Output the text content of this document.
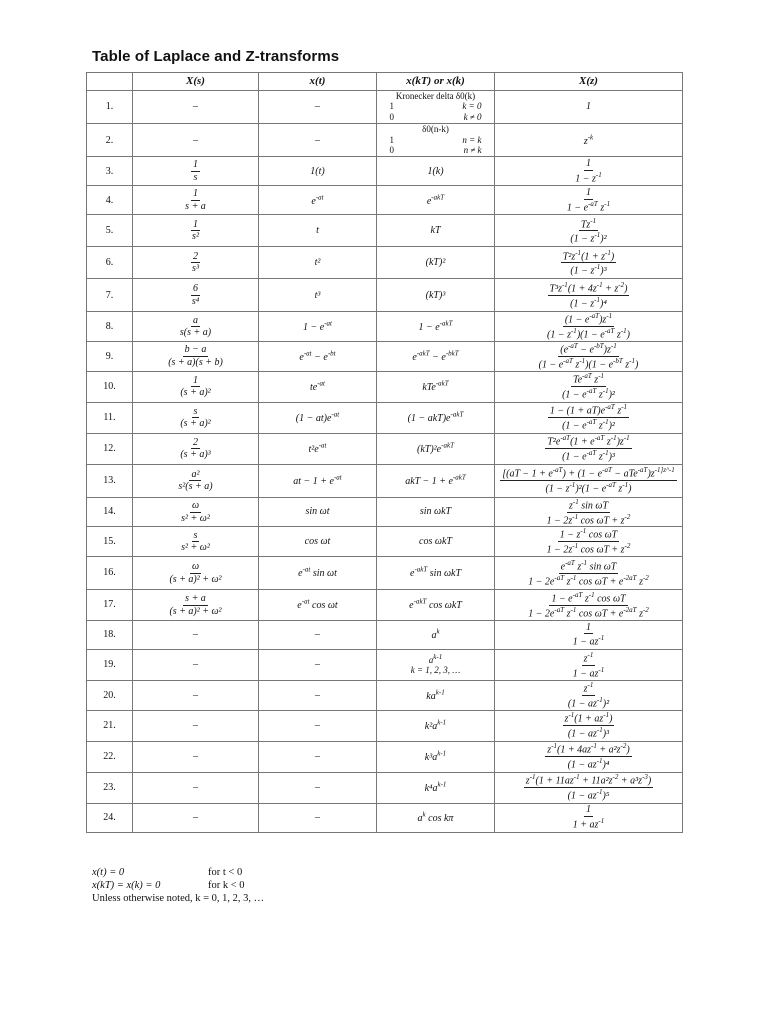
Table of Laplace and Z-transforms
	X(s)	x(t)	x(kT) or x(k)	X(z)
1.	–	–	Kronecker delta δ0(k)
1 k = 0
0 k ≠ 0	1
2.	–	–	δ0(n-k)
1 n = k
0 n ≠ k	$z^{-k}$
3.	$\frac{1}{s}$	1(t)	1(k)	$\frac{1}{1 - z^{-1}}$

4.	$\frac{1}{s + a}$	$e^{-at}$	$e^{-akT}$	$\frac{1}{1 - e^{-aT} z^{-1}}$

5.	$\frac{1}{\text{s²}}$	t	kT	$\frac{Tz^{-1}}{(1 - z^{-1})^2}$

6.	$\frac{2}{\text{s³}}$	t²	(kT)²	$\frac{T^2z^{-1}(1 + z^{-1})}{(1 - z^{-1})^3}$

7.	$\frac{6}{\text{s⁴}}$	t³	(kT)³	$\frac{T^3z^{-1}(1 + 4z^{-1} + z^{-2})}{(1 - z^{-1})^4}$

8.	$\frac{a}{s(s + a)}$	$1 - e^{-at}$	$1 - e^{-akT}$	$\frac{(1 - e^{-aT})z^{-1}}{(1 - z^{-1})(1 - e^{-aT} z^{-1})}$

9.	$\frac{b - a}{(s + a)(s + b)}$	$e^{-at} - e^{-bt}$	$e^{-akT} - e^{-bkT}$	$\frac{(e^{-aT} - e^{-bT})z^{-1}}{(1 - e^{-aT} z^{-1})(1 - e^{-bT} z^{-1})}$

10.	$\frac{1}{\text{(s + a)²}}$	$te^{-at}$	kTe$^{-akT}$	$\frac{Te^{-aT} z^{-1}}{(1 - e^{-aT} z^{-1})^2}$

11.	$\frac{s}{\text{(s + a)²}}$	$(1 - at)e^{-at}$	$(1 - akT)e^{-akT}$	$\frac{1 - (1 + aT)e^{-aT} z^{-1}}{(1 - e^{-aT} z^{-1})^2}$

12.	$\frac{2}{\text{(s + a)³}}$	$t^2e^{-at}$	$(kT)^2e^{-akT}$	$\frac{T^2e^{-aT}(1 + e^{-aT} z^{-1})z^{-1}}{(1 - e^{-aT} z^{-1})^3}$

13.	$\frac{\text{a²}}{\text{s²(s + a)}}$	at − $1 + e^{-at}$	akT − $1 + e^{-akT}$	$\frac{[(aT - 1 + e^{-aT}) + (1 - e^{-aT} - aTe^{-aT})z^{-1]z\^{}-1}}{(1 - z^{-1})^2(1 - e^{-aT} z^{-1})}$

14.	$\frac{\omega}{\text{s² + ω²}}$	sin ωt	sin ωkT	$\frac{z^{-1} \sin \omega T}{1 - 2z^{-1} \cos \omega T + z^{-2}}$

15.	$\frac{s}{\text{s² + ω²}}$	cos ωt	cos ωkT	$\frac{1 - z^{-1} \cos \omega T}{1 - 2z^{-1} \cos \omega T + z^{-2}}$

16.	$\frac{\omega}{\text{(s + a)² + ω²}}$	$e^{-at}$ sin ωt	$e^{-akT}$ sin ωkT	$\frac{e^{-aT} z^{-1} \sin \omega T}{1 - 2e^{-aT} z^{-1} \cos \omega T + e^{-2aT} z^{-2}}$

17.	$\frac{s + a}{\text{(s + a)² + ω²}}$	$e^{-at}$ cos ωt	$e^{-akT}$ cos ωkT	$\frac{1 - e^{-aT} z^{-1} \cos \omega T}{1 - 2e^{-aT} z^{-1} \cos \omega T + e^{-2aT} z^{-2}}$

18.	–	–	$a^k$	$\frac{1}{1 - az^{-1}}$

19.	–	–	$a^{k-1}$
k = 1, 2, 3, …	$\frac{z^{-1}}{1 - az^{-1}}$

20.	–	–	$ka^{k-1}$	$\frac{z^{-1}}{(1 - az^{-1})^2}$

21.	–	–	$k^2a^{k-1}$	$\frac{z^{-1}(1 + az^{-1})}{(1 - az^{-1})^3}$

22.	–	–	$k^3a^{k-1}$	$\frac{z^{-1}(1 + 4az^{-1} + a^2z^{-2})}{(1 - az^{-1})^4}$

23.	–	–	$k^4a^{k-1}$	$\frac{z^{-1}(1 + 11az^{-1} + 11a^2z^{-2} + a^3z^{-3})}{(1 - az^{-1})^5}$

24.	–	–	$a^k$ cos kπ	$\frac{1}{1 + az^{-1}}$
x(t) = 0	for t < 0
x(kT) = x(k) = 0	for k < 0
Unless otherwise noted, k = 0, 1, 2, 3, …
